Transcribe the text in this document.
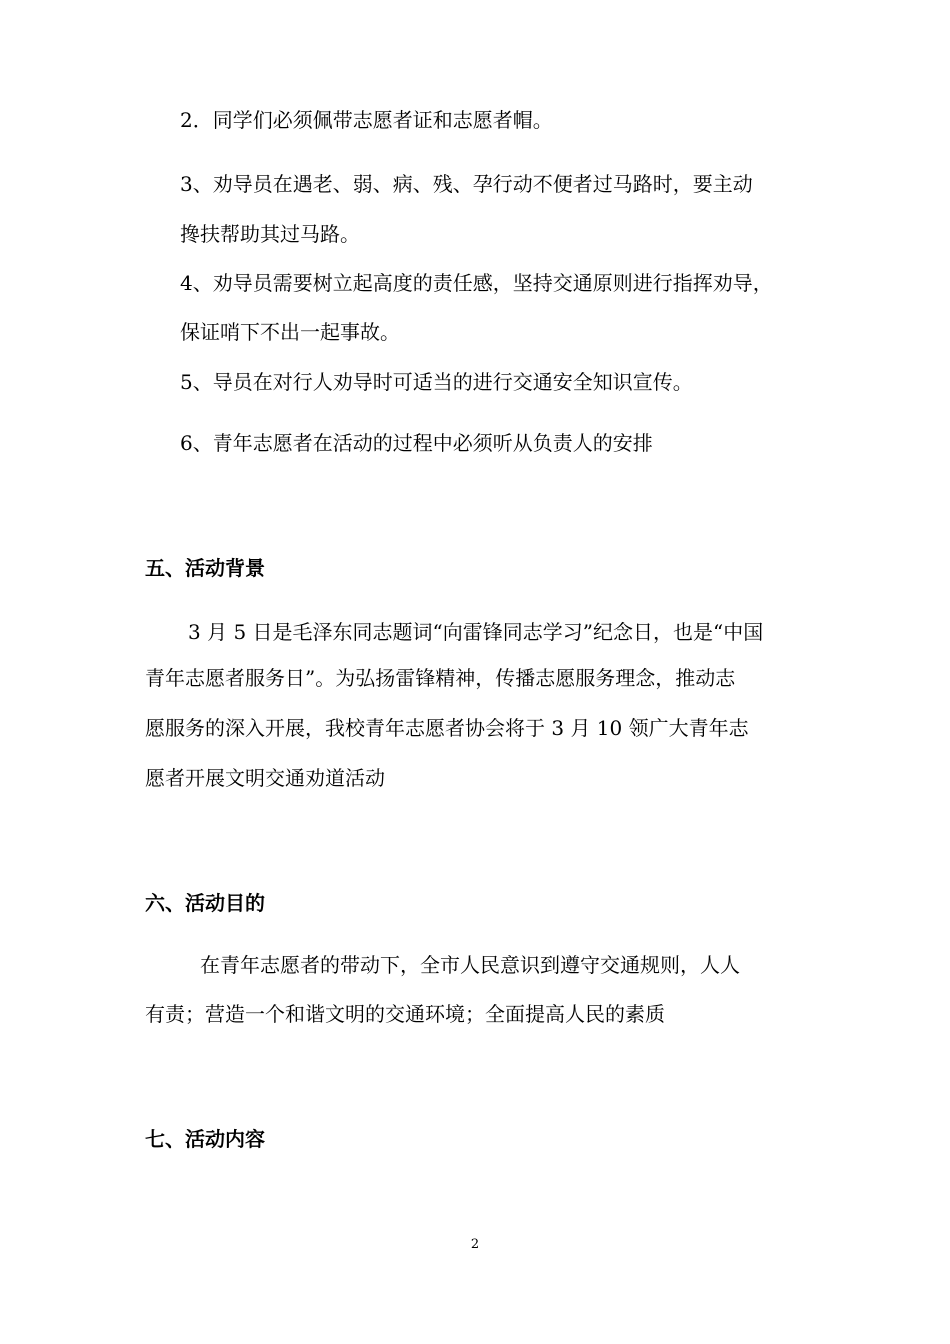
2．同学们必须佩带志愿者证和志愿者帽。

3、劝导员在遇老、弱、病、残、孕行动不便者过马路时，要主动

搀扶帮助其过马路。

4、劝导员需要树立起高度的责任感，坚持交通原则进行指挥劝导，

保证哨下不出一起事故。

5、导员在对行人劝导时可适当的进行交通安全知识宣传。

6、青年志愿者在活动的过程中必须听从负责人的安排

五、活动背景

3 月 5 日是毛泽东同志题词“向雷锋同志学习”纪念日，也是“中国

青年志愿者服务日”。为弘扬雷锋精神，传播志愿服务理念，推动志

愿服务的深入开展，我校青年志愿者协会将于 3 月 10 领广大青年志

愿者开展文明交通劝道活动

六、活动目的

在青年志愿者的带动下，全市人民意识到遵守交通规则，人人

有责；营造一个和谐文明的交通环境；全面提高人民的素质

七、活动内容
2
